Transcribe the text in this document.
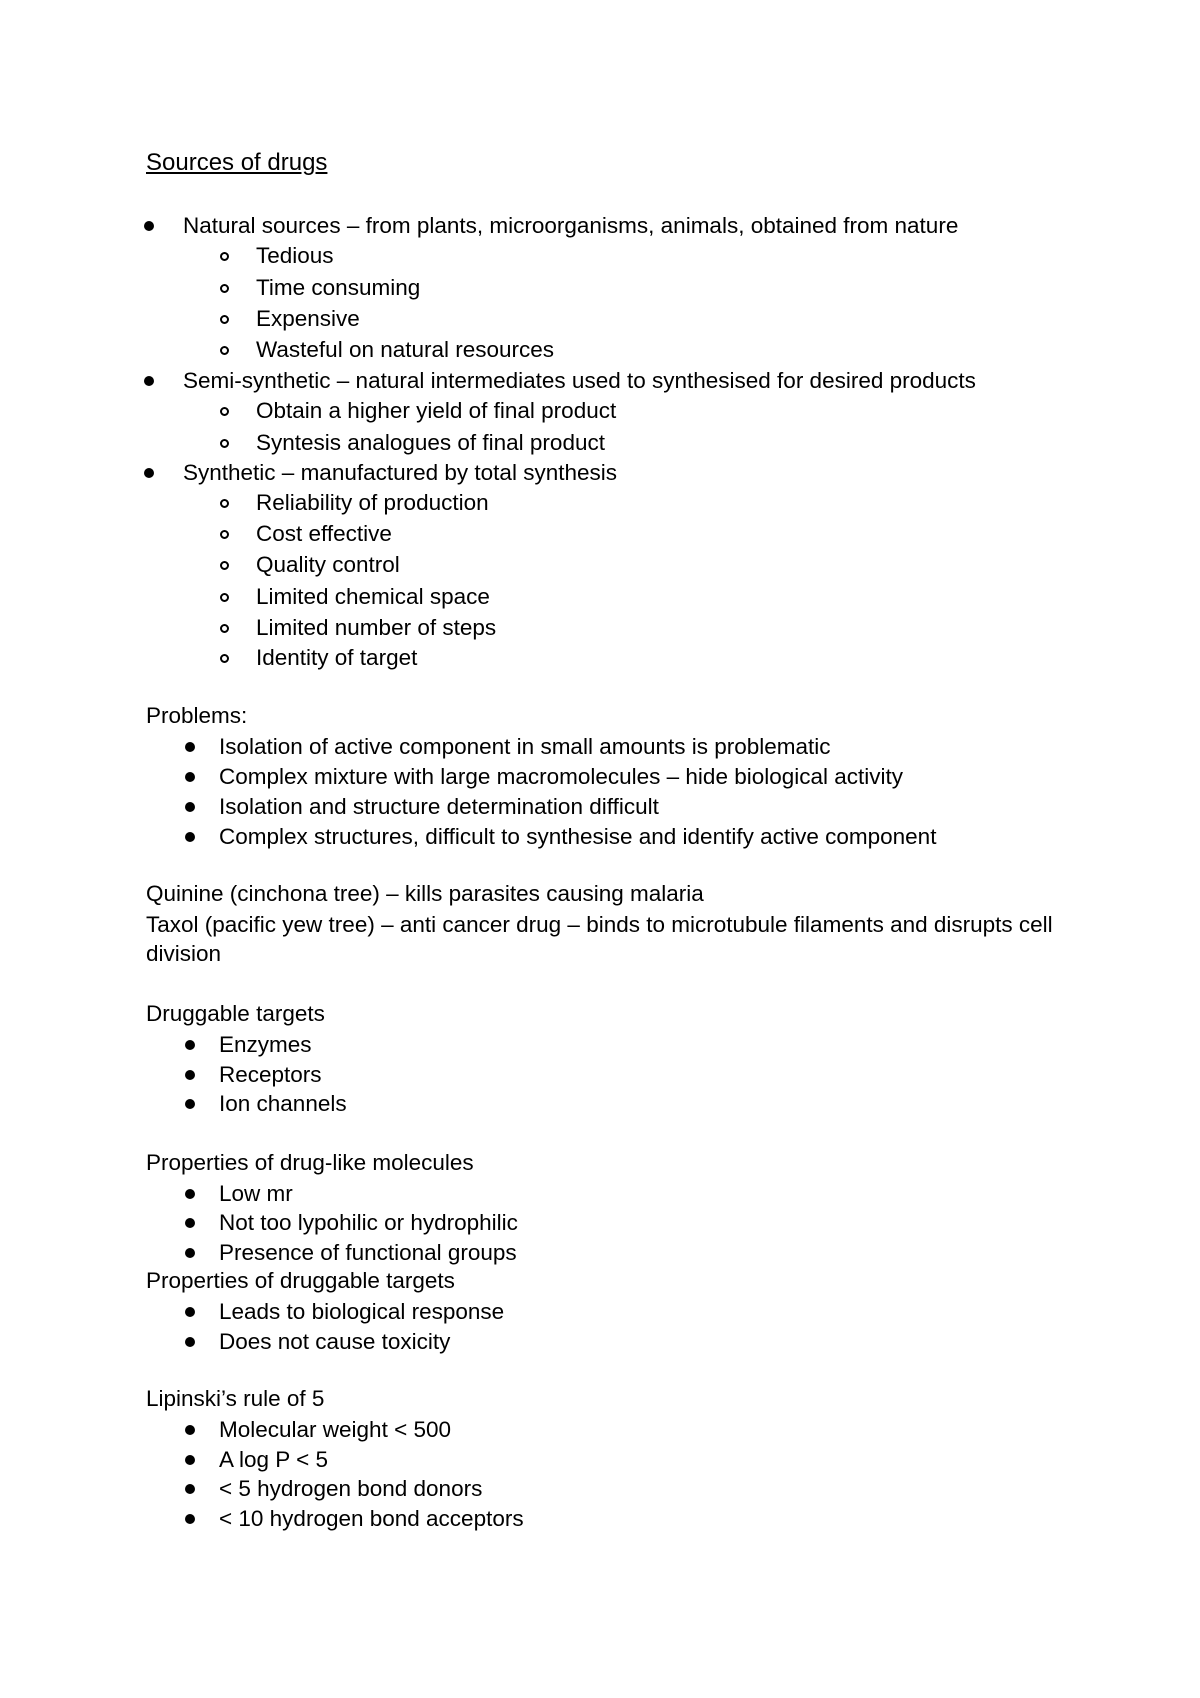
Sources of drugs
Natural sources – from plants, microorganisms, animals, obtained from nature
Tedious
Time consuming
Expensive
Wasteful on natural resources
Semi-synthetic – natural intermediates used to synthesised for desired products
Obtain a higher yield of final product
Syntesis analogues of final product
Synthetic – manufactured by total synthesis
Reliability of production
Cost effective
Quality control
Limited chemical space
Limited number of steps
Identity of target
Problems:
Isolation of active component in small amounts is problematic
Complex mixture with large macromolecules – hide biological activity
Isolation and structure determination difficult
Complex structures, difficult to synthesise and identify active component
Quinine (cinchona tree) – kills parasites causing malaria
Taxol (pacific yew tree) – anti cancer drug – binds to microtubule filaments and disrupts cell
division
Druggable targets
Enzymes
Receptors
Ion channels
Properties of drug-like molecules
Low mr
Not too lypohilic or hydrophilic
Presence of functional groups
Properties of druggable targets
Leads to biological response
Does not cause toxicity
Lipinski’s rule of 5
Molecular weight < 500
A log P < 5
< 5 hydrogen bond donors
< 10 hydrogen bond acceptors
